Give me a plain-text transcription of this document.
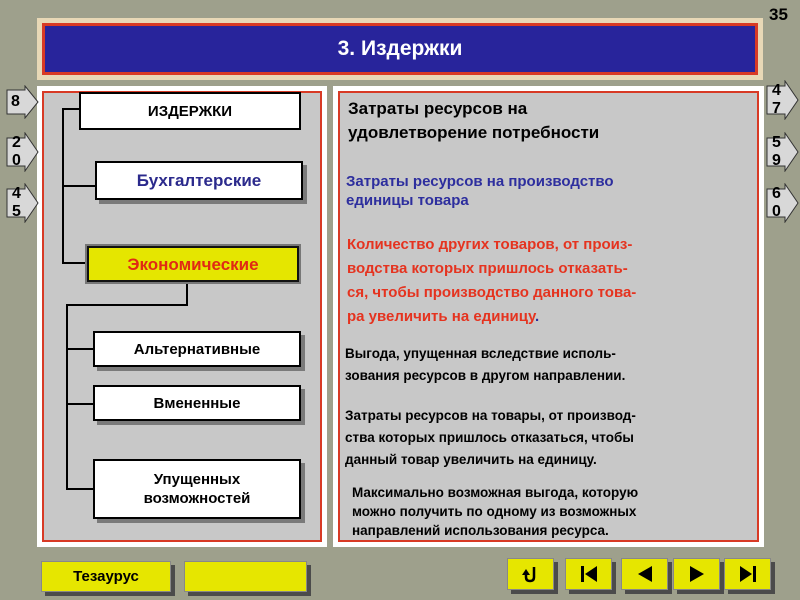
35
3. Издержки
ИЗДЕРЖКИ
Бухгалтерские
Экономические
Альтернативные
Вмененные
Упущенных
возможностей
Затраты ресурсов на
удовлетворение потребности
Затраты ресурсов на производство
единицы товара
Количество других товаров, от произ-
водства которых пришлось отказать-
ся, чтобы производство данного това-
ра увеличить на единицу.
Выгода, упущенная вследствие исполь-
зования ресурсов в другом направлении.
Затраты ресурсов на товары, от производ-
ства которых пришлось отказаться, чтобы
данный товар увеличить на единицу.
Максимально возможная выгода, которую
можно получить по одному из возможных
направлений использования ресурса.
8
2
0
4
5
4
7
5
9
6
0
Тезаурус
